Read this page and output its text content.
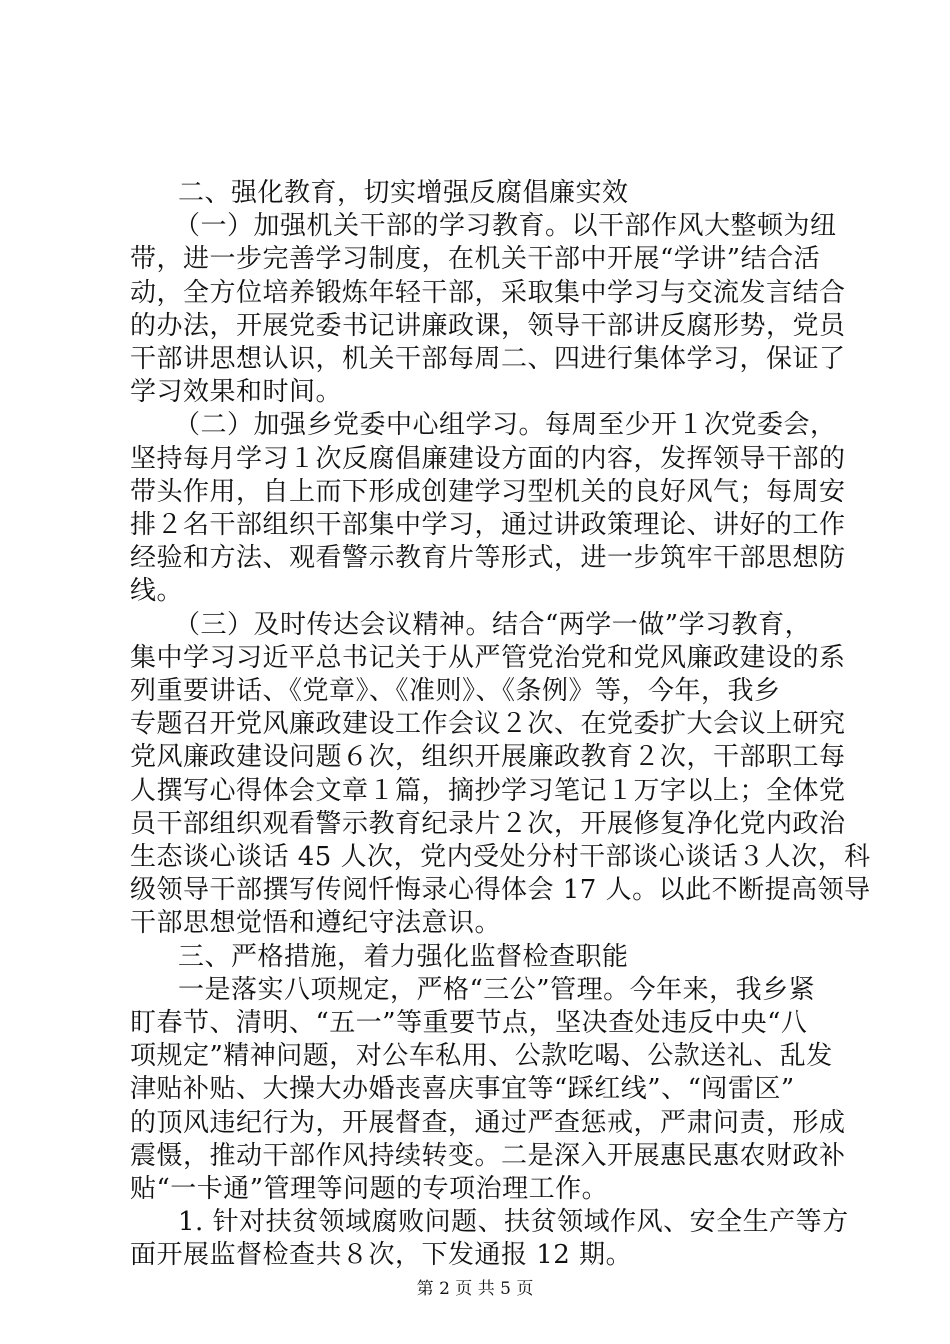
二、强化教育，切实增强反腐倡廉实效
（一）加强机关干部的学习教育。以干部作风大整顿为纽
带，进一步完善学习制度，在机关干部中开展“学讲”结合活
动，全方位培养锻炼年轻干部，采取集中学习与交流发言结合
的办法，开展党委书记讲廉政课，领导干部讲反腐形势，党员
干部讲思想认识，机关干部每周二、四进行集体学习，保证了
学习效果和时间。
（二）加强乡党委中心组学习。每周至少开１次党委会，
坚持每月学习１次反腐倡廉建设方面的内容，发挥领导干部的
带头作用，自上而下形成创建学习型机关的良好风气；每周安
排２名干部组织干部集中学习，通过讲政策理论、讲好的工作
经验和方法、观看警示教育片等形式，进一步筑牢干部思想防
线。
（三）及时传达会议精神。结合“两学一做”学习教育，
集中学习习近平总书记关于从严管党治党和党风廉政建设的系
列重要讲话、《党章》、《准则》、《条例》等，今年，我乡
专题召开党风廉政建设工作会议２次、在党委扩大会议上研究
党风廉政建设问题６次，组织开展廉政教育２次，干部职工每
人撰写心得体会文章１篇，摘抄学习笔记１万字以上；全体党
员干部组织观看警示教育纪录片２次，开展修复净化党内政治
生态谈心谈话 45 人次，党内受处分村干部谈心谈话３人次，科
级领导干部撰写传阅忏悔录心得体会 17 人。以此不断提高领导
干部思想觉悟和遵纪守法意识。
三、严格措施，着力强化监督检查职能
一是落实八项规定，严格“三公”管理。今年来，我乡紧
盯春节、清明、“五一”等重要节点，坚决查处违反中央“八
项规定”精神问题，对公车私用、公款吃喝、公款送礼、乱发
津贴补贴、大操大办婚丧喜庆事宜等“踩红线”、“闯雷区”
的顶风违纪行为，开展督查，通过严查惩戒，严肃问责，形成
震慑，推动干部作风持续转变。二是深入开展惠民惠农财政补
贴“一卡通”管理等问题的专项治理工作。
1. 针对扶贫领域腐败问题、扶贫领域作风、安全生产等方
面开展监督检查共８次，下发通报 12 期。
第 2 页 共 5 页
